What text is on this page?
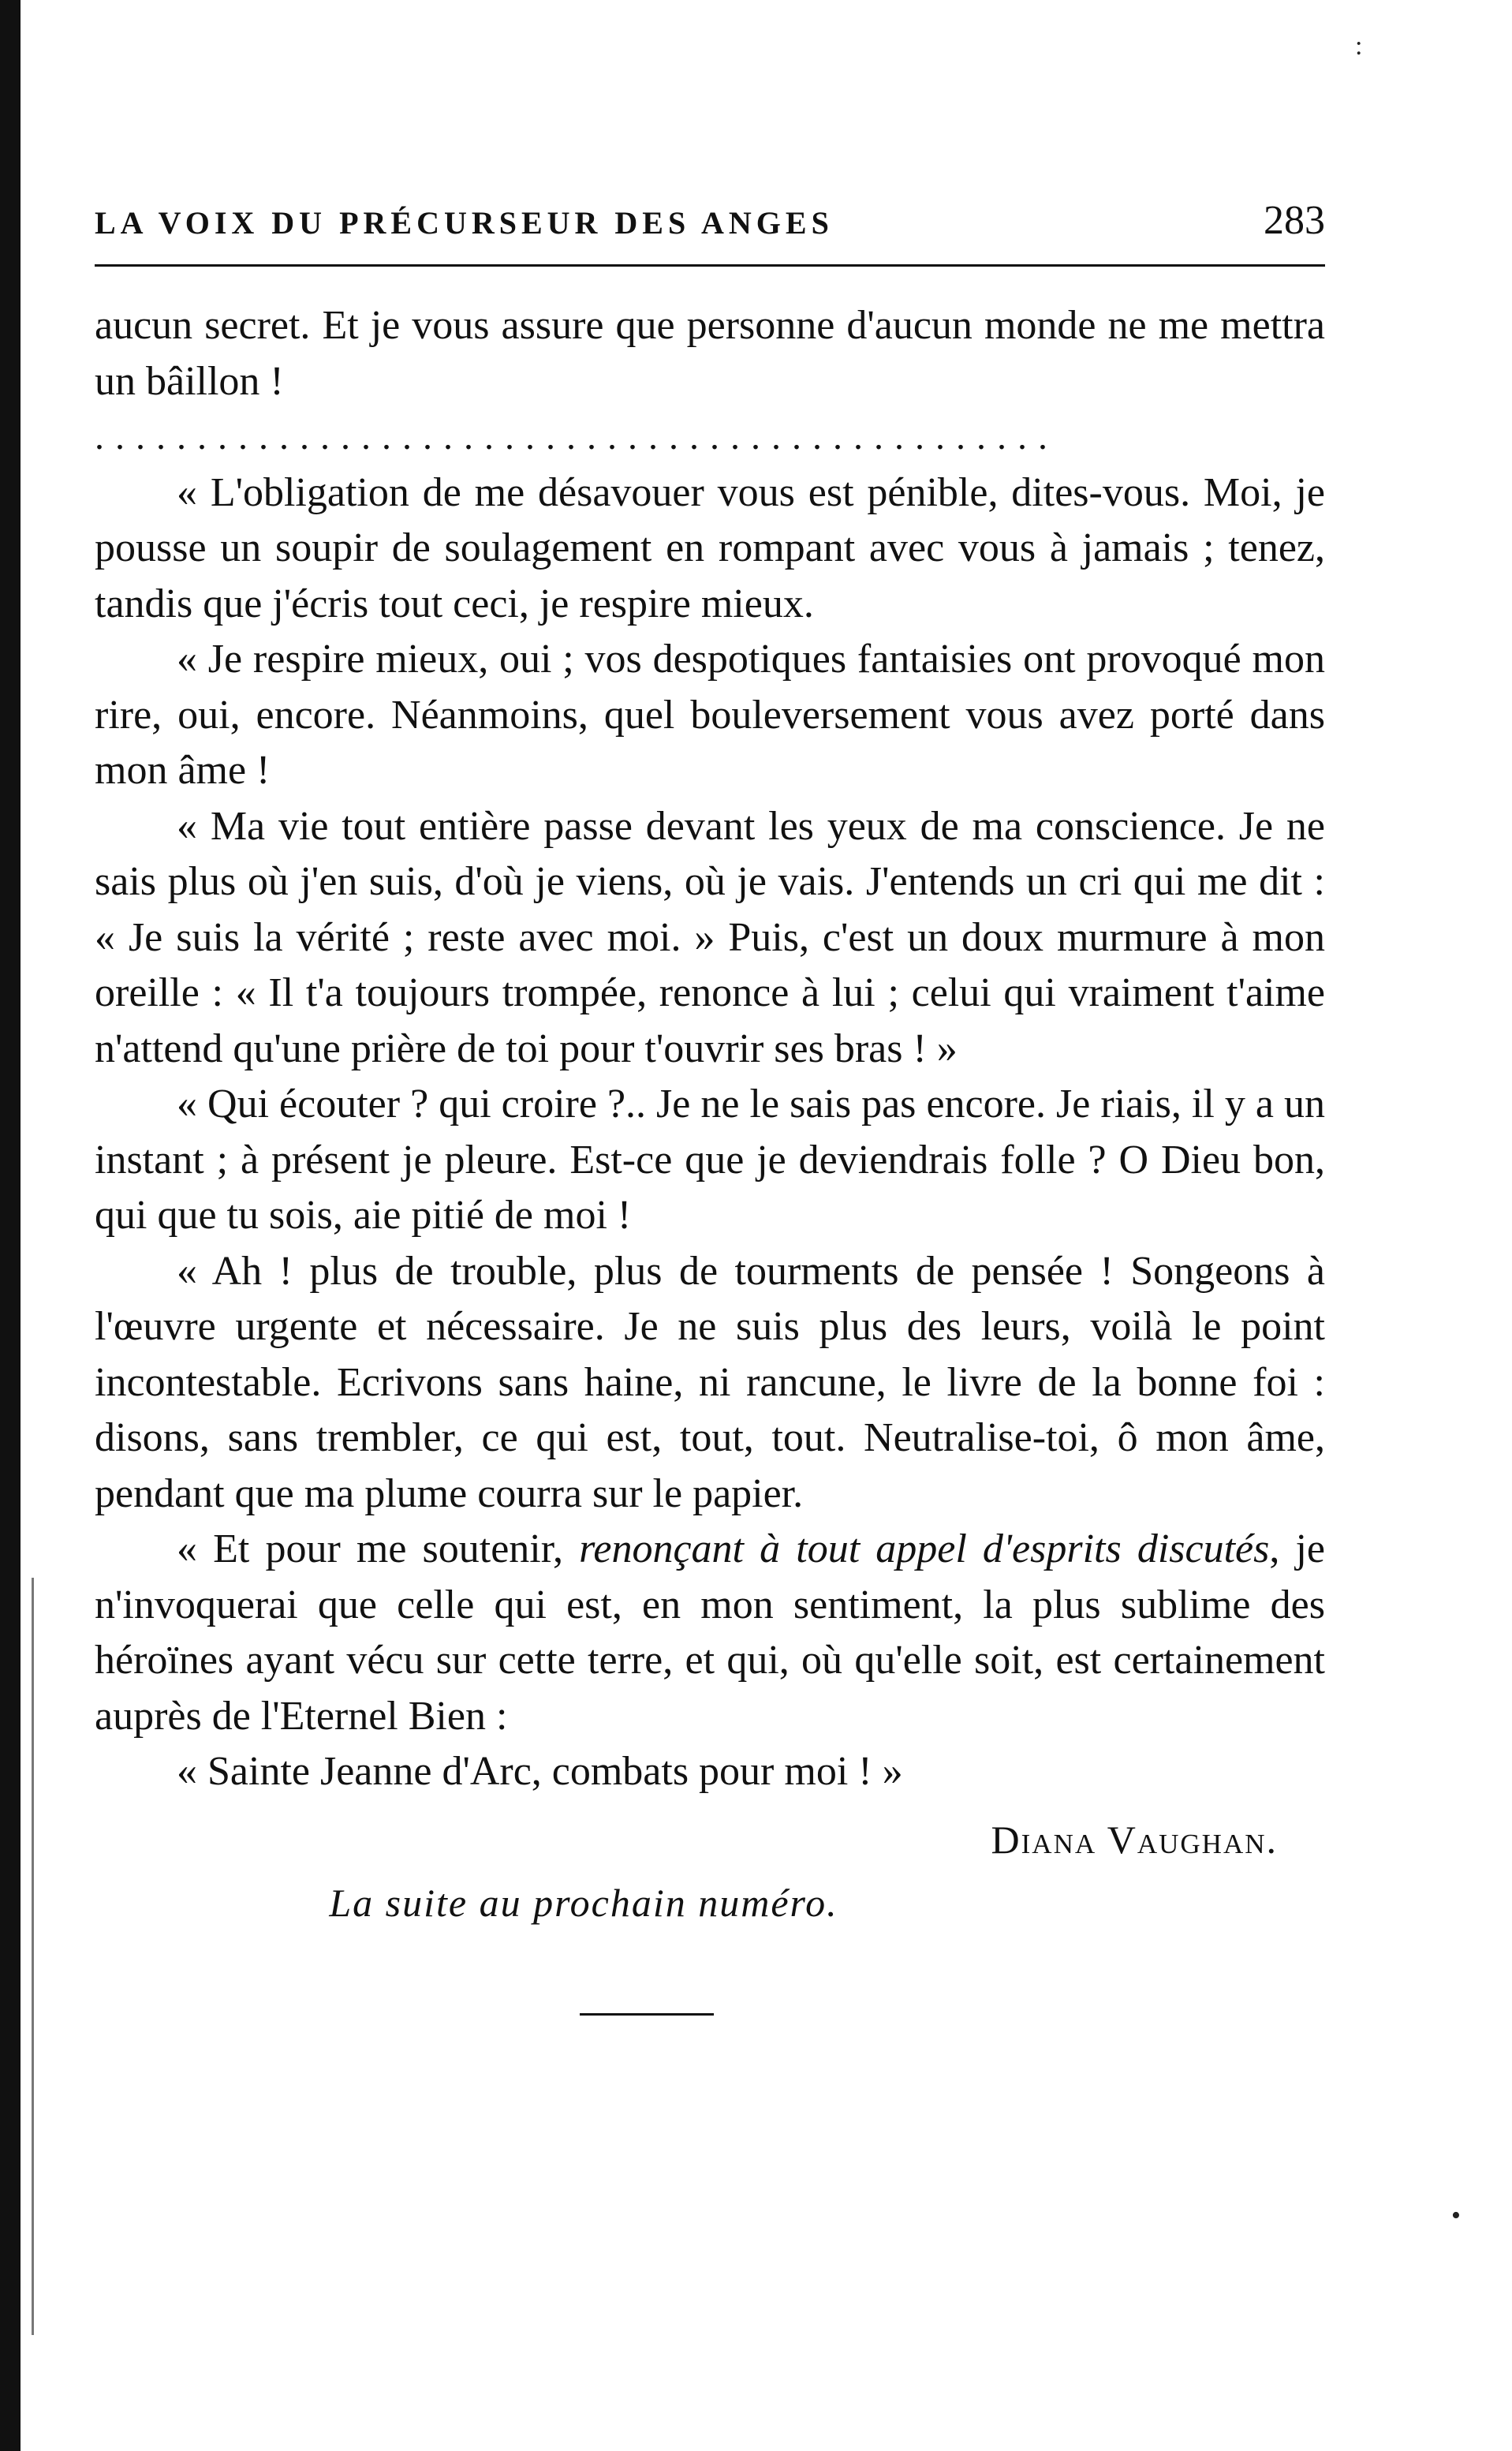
:
•
LA VOIX DU PRÉCURSEUR DES ANGES	283

aucun secret. Et je vous assure que personne d'aucun monde ne me mettra un bâillon !

...............................................

« L'obligation de me désavouer vous est pénible, dites-vous. Moi, je pousse un soupir de soulagement en rompant avec vous à jamais ; tenez, tandis que j'écris tout ceci, je respire mieux.

« Je respire mieux, oui ; vos despotiques fantaisies ont provoqué mon rire, oui, encore. Néanmoins, quel bouleversement vous avez porté dans mon âme !

« Ma vie tout entière passe devant les yeux de ma conscience. Je ne sais plus où j'en suis, d'où je viens, où je vais. J'entends un cri qui me dit : « Je suis la vérité ; reste avec moi. » Puis, c'est un doux murmure à mon oreille : « Il t'a toujours trompée, renonce à lui ; celui qui vraiment t'aime n'attend qu'une prière de toi pour t'ouvrir ses bras ! »

« Qui écouter ? qui croire ?.. Je ne le sais pas encore. Je riais, il y a un instant ; à présent je pleure. Est-ce que je deviendrais folle ? O Dieu bon, qui que tu sois, aie pitié de moi !

« Ah ! plus de trouble, plus de tourments de pensée ! Songeons à l'œuvre urgente et nécessaire. Je ne suis plus des leurs, voilà le point incontestable. Ecrivons sans haine, ni rancune, le livre de la bonne foi : disons, sans trembler, ce qui est, tout, tout. Neutralise-toi, ô mon âme, pendant que ma plume courra sur le papier.

« Et pour me soutenir, renonçant à tout appel d'esprits discutés, je n'invoquerai que celle qui est, en mon sentiment, la plus sublime des héroïnes ayant vécu sur cette terre, et qui, où qu'elle soit, est certainement auprès de l'Eternel Bien :

« Sainte Jeanne d'Arc, combats pour moi ! »

Diana Vaughan.
La suite au prochain numéro.
